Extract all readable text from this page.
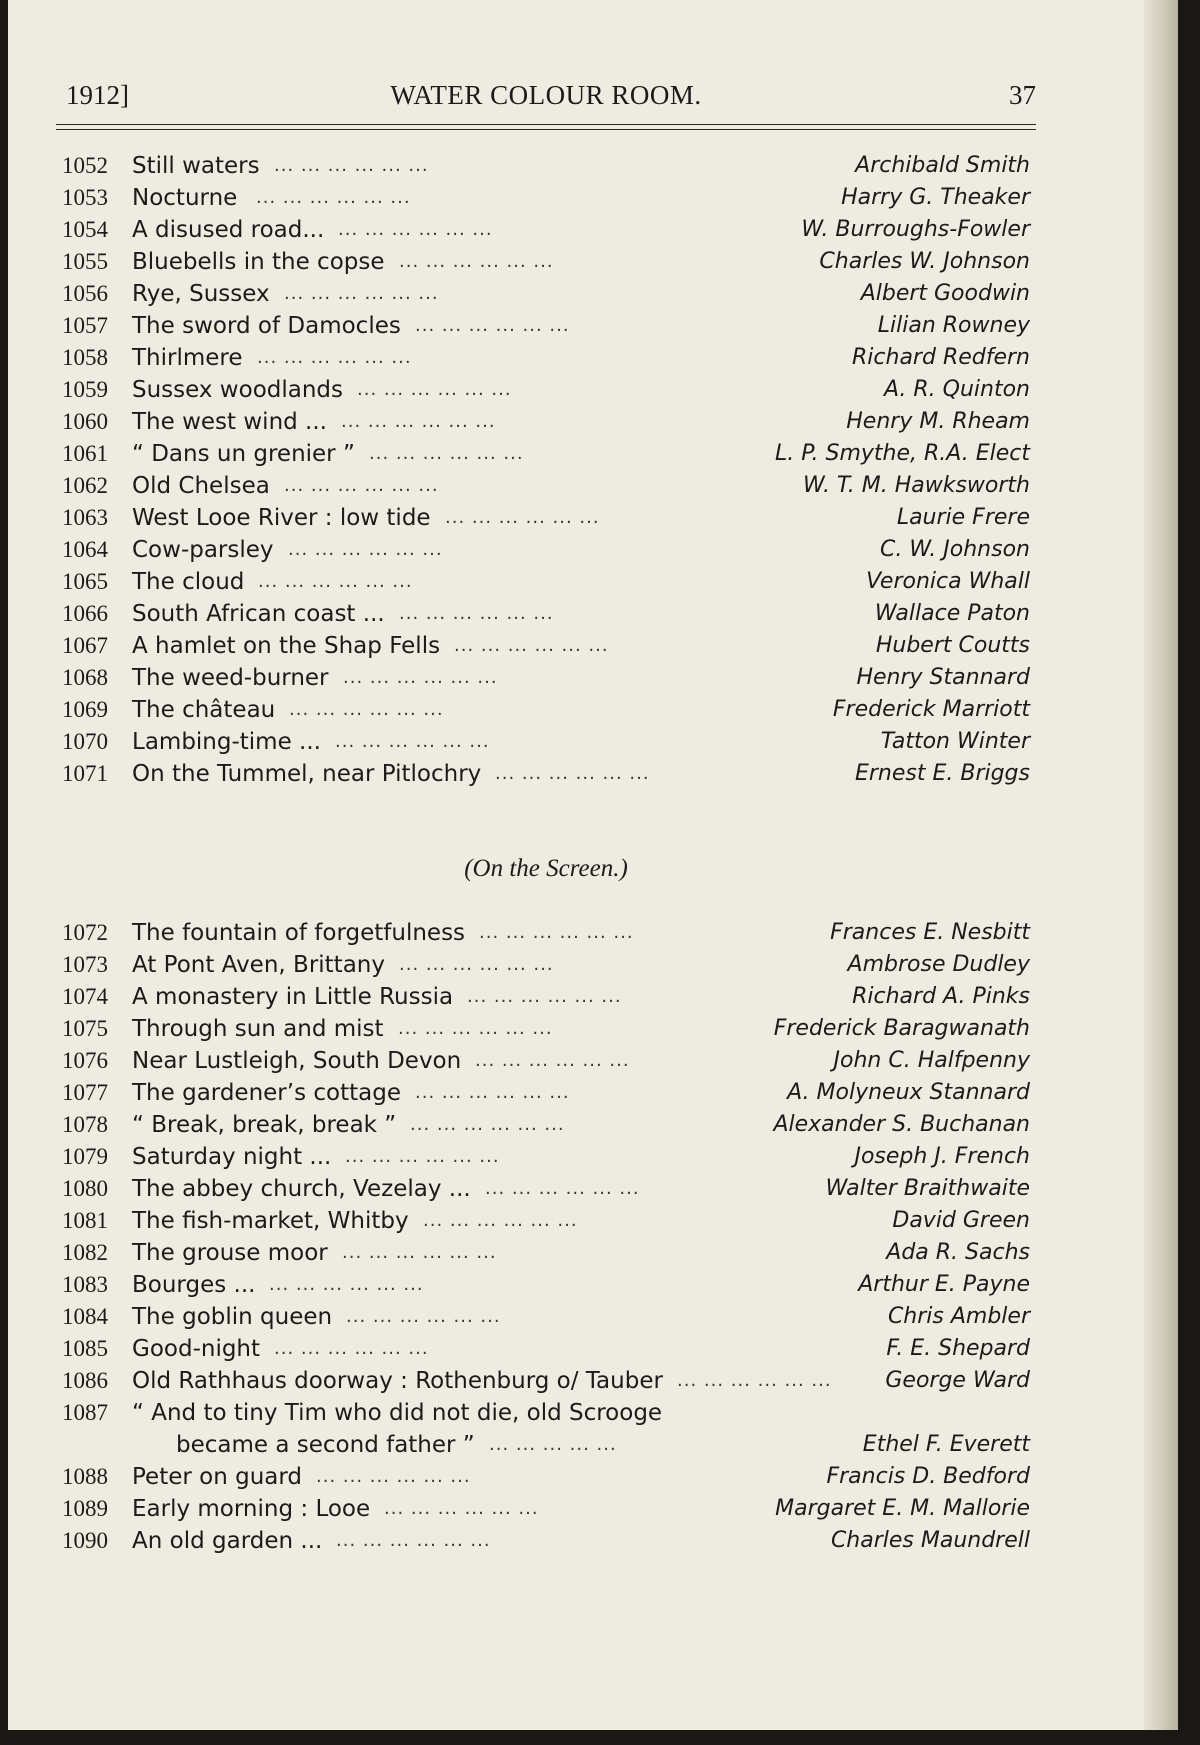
1912]	WATER COLOUR ROOM.	37
1052 Still waters ... ... ... ... ... ...	Archibald Smith
1053 Nocturne ... ... ... ... ... ...	Harry G. Theaker
1054 A disused road... ... ... ... ... ... ...	W. Burroughs-Fowler
1055 Bluebells in the copse ... ... ... ... ... ...	Charles W. Johnson
1056 Rye, Sussex ... ... ... ... ... ...	Albert Goodwin
1057 The sword of Damocles ... ... ... ... ... ...	Lilian Rowney
1058 Thirlmere ... ... ... ... ... ...	Richard Redfern
1059 Sussex woodlands ... ... ... ... ... ...	A. R. Quinton
1060 The west wind ... ... ... ... ... ... ...	Henry M. Rheam
1061 “ Dans un grenier ” ... ... ... ... ... ...	L. P. Smythe, R.A. Elect
1062 Old Chelsea ... ... ... ... ... ...	W. T. M. Hawksworth
1063 West Looe River : low tide ... ... ... ... ... ...	Laurie Frere
1064 Cow-parsley ... ... ... ... ... ...	C. W. Johnson
1065 The cloud ... ... ... ... ... ...	Veronica Whall
1066 South African coast ... ... ... ... ... ... ...	Wallace Paton
1067 A hamlet on the Shap Fells ... ... ... ... ... ...	Hubert Coutts
1068 The weed-burner ... ... ... ... ... ...	Henry Stannard
1069 The château ... ... ... ... ... ...	Frederick Marriott
1070 Lambing-time ... ... ... ... ... ... ...	Tatton Winter
1071 On the Tummel, near Pitlochry ... ... ... ... ... ...	Ernest E. Briggs
(On the Screen.)
1072 The fountain of forgetfulness ... ... ... ... ... ...	Frances E. Nesbitt
1073 At Pont Aven, Brittany ... ... ... ... ... ...	Ambrose Dudley
1074 A monastery in Little Russia ... ... ... ... ... ...	Richard A. Pinks
1075 Through sun and mist ... ... ... ... ... ...	Frederick Baragwanath
1076 Near Lustleigh, South Devon ... ... ... ... ... ...	John C. Halfpenny
1077 The gardener’s cottage ... ... ... ... ... ...	A. Molyneux Stannard
1078 “ Break, break, break ” ... ... ... ... ... ...	Alexander S. Buchanan
1079 Saturday night ... ... ... ... ... ... ...	Joseph J. French
1080 The abbey church, Vezelay ... ... ... ... ... ... ...	Walter Braithwaite
1081 The fish-market, Whitby ... ... ... ... ... ...	David Green
1082 The grouse moor ... ... ... ... ... ...	Ada R. Sachs
1083 Bourges ... ... ... ... ... ... ...	Arthur E. Payne
1084 The goblin queen ... ... ... ... ... ...	Chris Ambler
1085 Good-night ... ... ... ... ... ...	F. E. Shepard
1086 Old Rathhaus doorway : Rothenburg o/ Tauber ... ... ... ... ... ...	George Ward
1087 “ And to tiny Tim who did not die, old Scrooge
became a second father ” ... ... ... ... ...	Ethel F. Everett
1088 Peter on guard ... ... ... ... ... ...	Francis D. Bedford
1089 Early morning : Looe ... ... ... ... ... ...	Margaret E. M. Mallorie
1090 An old garden ... ... ... ... ... ... ...	Charles Maundrell
